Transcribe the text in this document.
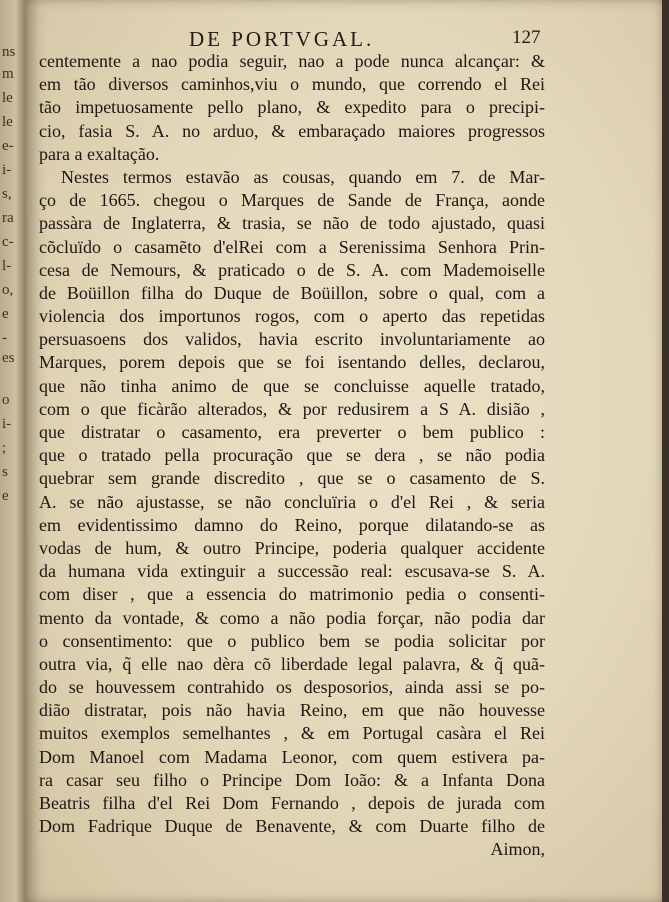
ns
m
le
le
e-
i-
s,
ra
c-
l-
o,
e
-
es
o
i-
;
s
e
DE PORTVGAL.	127
centemente a nao podia seguir, nao a pode nunca alcançar: &
em tão diversos caminhos,viu o mundo, que correndo el Rei
tão impetuosamente pello plano, & expedito para o precipi-
cio, fasia S. A. no arduo, & embaraçado maiores progressos
para a exaltação.
Nestes termos estavão as cousas, quando em 7. de Mar-
ço de 1665. chegou o Marques de Sande de França, aonde
passàra de Inglaterra, & trasia, se não de todo ajustado, quasi
cõcluïdo o casamẽto d'elRei com a Serenissima Senhora Prin-
cesa de Nemours, & praticado o de S. A. com Mademoiselle
de Boüillon filha do Duque de Boüillon, sobre o qual, com a
violencia dos importunos rogos, com o aperto das repetidas
persuasoens dos validos, havia escrito involuntariamente ao
Marques, porem depois que se foi isentando delles, declarou,
que não tinha animo de que se concluisse aquelle tratado,
com o que ficàrão alterados, & por redusirem a S A. disião ,
que distratar o casamento, era preverter o bem publico :
que o tratado pella procuração que se dera , se não podia
quebrar sem grande discredito , que se o casamento de S.
A. se não ajustasse, se não concluïria o d'el Rei , & seria
em evidentissimo damno do Reino, porque dilatando-se as
vodas de hum, & outro Principe, poderia qualquer accidente
da humana vida extinguir a successão real: escusava-se S. A.
com diser , que a essencia do matrimonio pedia o consenti-
mento da vontade, & como a não podia forçar, não podia dar
o consentimento: que o publico bem se podia solicitar por
outra via, q̃ elle nao dèra cõ liberdade legal palavra, & q̃ quã-
do se houvessem contrahido os desposorios, ainda assi se po-
dião distratar, pois não havia Reino, em que não houvesse
muitos exemplos semelhantes , & em Portugal casàra el Rei
Dom Manoel com Madama Leonor, com quem estivera pa-
ra casar seu filho o Principe Dom Ioão: & a Infanta Dona
Beatris filha d'el Rei Dom Fernando , depois de jurada com
Dom Fadrique Duque de Benavente, & com Duarte filho de
Aimon,
